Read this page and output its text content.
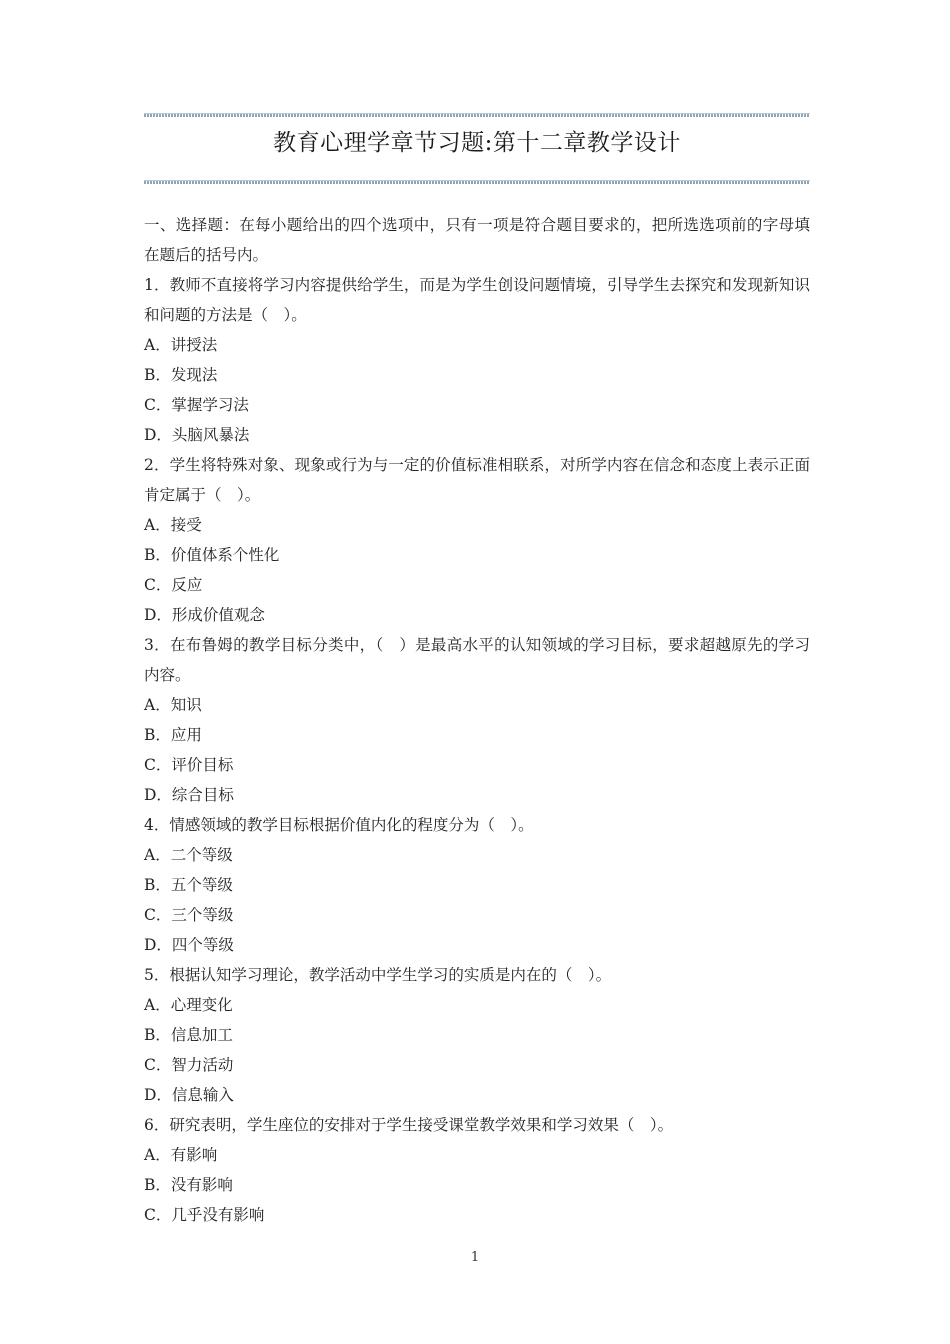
教育心理学章节习题:第十二章教学设计

一、选择题：在每小题给出的四个选项中，只有一项是符合题目要求的，把所选选项前的字母填在题后的括号内。

1．教师不直接将学习内容提供给学生，而是为学生创设问题情境，引导学生去探究和发现新知识和问题的方法是（　）。

A．讲授法

B．发现法

C．掌握学习法

D．头脑风暴法

2．学生将特殊对象、现象或行为与一定的价值标准相联系，对所学内容在信念和态度上表示正面肯定属于（　）。

A．接受

B．价值体系个性化

C．反应

D．形成价值观念

3．在布鲁姆的教学目标分类中，（　）是最高水平的认知领域的学习目标，要求超越原先的学习内容。

A．知识

B．应用

C．评价目标

D．综合目标

4．情感领域的教学目标根据价值内化的程度分为（　）。

A．二个等级

B．五个等级

C．三个等级

D．四个等级

5．根据认知学习理论，教学活动中学生学习的实质是内在的（　）。

A．心理变化

B．信息加工

C．智力活动

D．信息输入

6．研究表明，学生座位的安排对于学生接受课堂教学效果和学习效果（　）。

A．有影响

B．没有影响

C．几乎没有影响

1
